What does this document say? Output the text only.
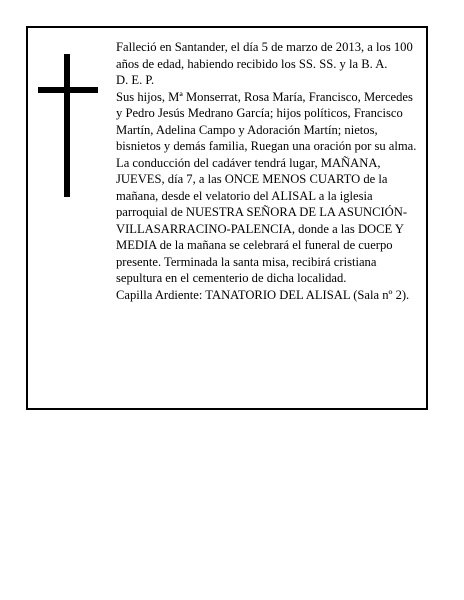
Falleció en Santander, el día 5 de marzo de 2013, a los 100 años de edad, habiendo recibido los SS. SS. y la B. A.

D. E. P.

Sus hijos, Mª Monserrat, Rosa María, Francisco, Mercedes y Pedro Jesús Medrano García; hijos políticos, Francisco Martín, Adelina Campo y Adoración Martín; nietos, bisnietos y demás familia, Ruegan una oración por su alma. La conducción del cadáver tendrá lugar, MAÑANA, JUEVES, día 7, a las ONCE MENOS CUARTO de la mañana, desde el velatorio del ALISAL a la iglesia parroquial de NUESTRA SEÑORA DE LA ASUNCIÓN-VILLASARRACINO-PALENCIA, donde a las DOCE Y MEDIA de la mañana se celebrará el funeral de cuerpo presente. Terminada la santa misa, recibirá cristiana sepultura en el cementerio de dicha localidad.

Capilla Ardiente: TANATORIO DEL ALISAL (Sala nº 2).
